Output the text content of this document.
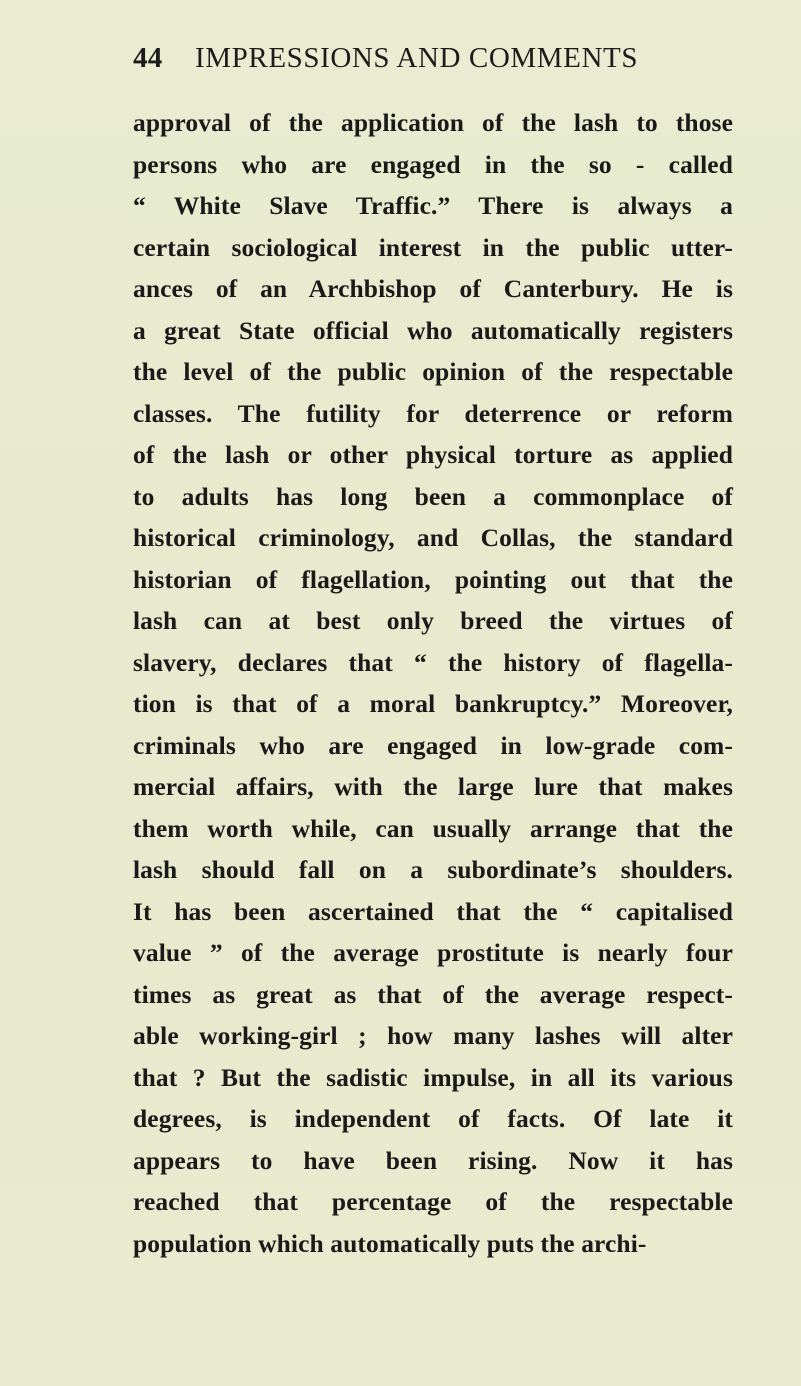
44	IMPRESSIONS AND COMMENTS
approval of the application of the lash to those
persons who are engaged in the so - called
“ White Slave Traffic.” There is always a
certain sociological interest in the public utter-
ances of an Archbishop of Canterbury. He is
a great State official who automatically registers
the level of the public opinion of the respectable
classes. The futility for deterrence or reform
of the lash or other physical torture as applied
to adults has long been a commonplace of
historical criminology, and Collas, the standard
historian of flagellation, pointing out that the
lash can at best only breed the virtues of
slavery, declares that “ the history of flagella-
tion is that of a moral bankruptcy.” Moreover,
criminals who are engaged in low-grade com-
mercial affairs, with the large lure that makes
them worth while, can usually arrange that the
lash should fall on a subordinate’s shoulders.
It has been ascertained that the “ capitalised
value ” of the average prostitute is nearly four
times as great as that of the average respect-
able working-girl ; how many lashes will alter
that ? But the sadistic impulse, in all its various
degrees, is independent of facts. Of late it
appears to have been rising. Now it has
reached that percentage of the respectable
population which automatically puts the archi-
